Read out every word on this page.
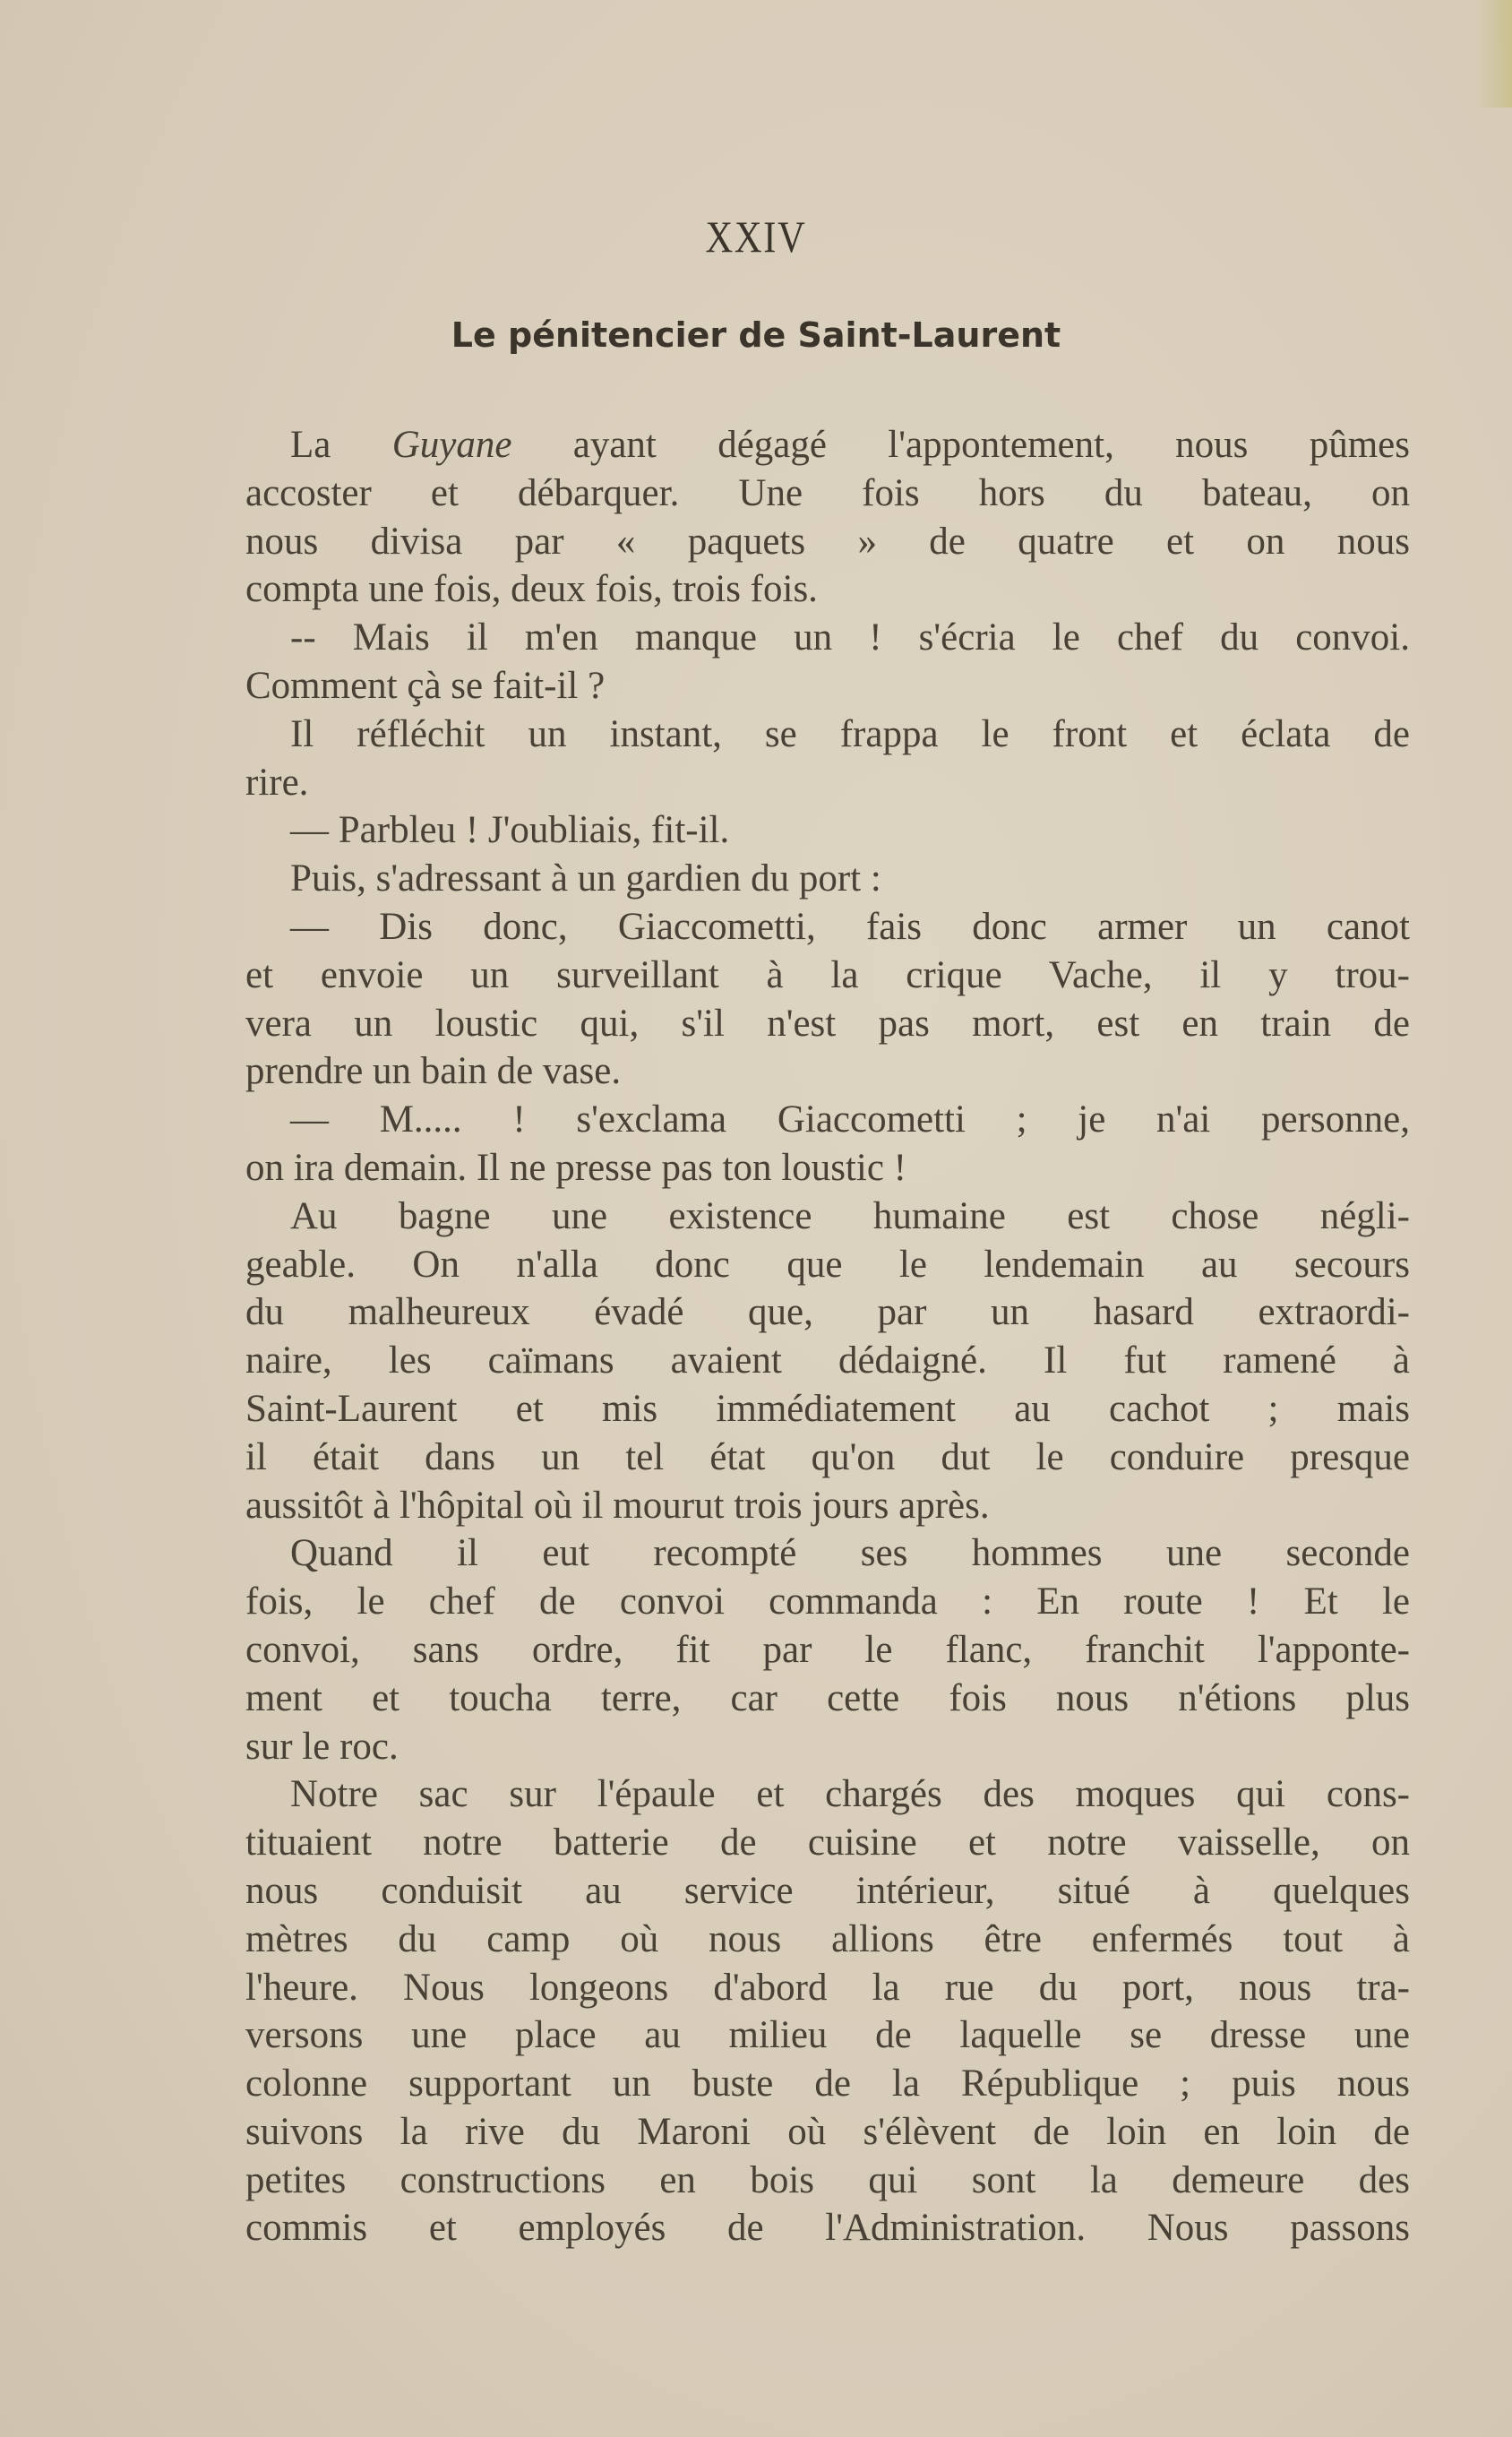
XXIV
Le pénitencier de Saint-Laurent
La Guyane ayant dégagé l'appontement, nous pûmes
accoster et débarquer. Une fois hors du bateau, on
nous divisa par « paquets » de quatre et on nous
compta une fois, deux fois, trois fois.
-- Mais il m'en manque un ! s'écria le chef du convoi.
Comment çà se fait-il ?
Il réfléchit un instant, se frappa le front et éclata de
rire.
— Parbleu ! J'oubliais, fit-il.
Puis, s'adressant à un gardien du port :
— Dis donc, Giaccometti, fais donc armer un canot
et envoie un surveillant à la crique Vache, il y trou-
vera un loustic qui, s'il n'est pas mort, est en train de
prendre un bain de vase.
— M..... ! s'exclama Giaccometti ; je n'ai personne,
on ira demain. Il ne presse pas ton loustic !
Au bagne une existence humaine est chose négli-
geable. On n'alla donc que le lendemain au secours
du malheureux évadé que, par un hasard extraordi-
naire, les caïmans avaient dédaigné. Il fut ramené à
Saint-Laurent et mis immédiatement au cachot ; mais
il était dans un tel état qu'on dut le conduire presque
aussitôt à l'hôpital où il mourut trois jours après.
Quand il eut recompté ses hommes une seconde
fois, le chef de convoi commanda : En route ! Et le
convoi, sans ordre, fit par le flanc, franchit l'apponte-
ment et toucha terre, car cette fois nous n'étions plus
sur le roc.
Notre sac sur l'épaule et chargés des moques qui cons-
tituaient notre batterie de cuisine et notre vaisselle, on
nous conduisit au service intérieur, situé à quelques
mètres du camp où nous allions être enfermés tout à
l'heure. Nous longeons d'abord la rue du port, nous tra-
versons une place au milieu de laquelle se dresse une
colonne supportant un buste de la République ; puis nous
suivons la rive du Maroni où s'élèvent de loin en loin de
petites constructions en bois qui sont la demeure des
commis et employés de l'Administration. Nous passons
